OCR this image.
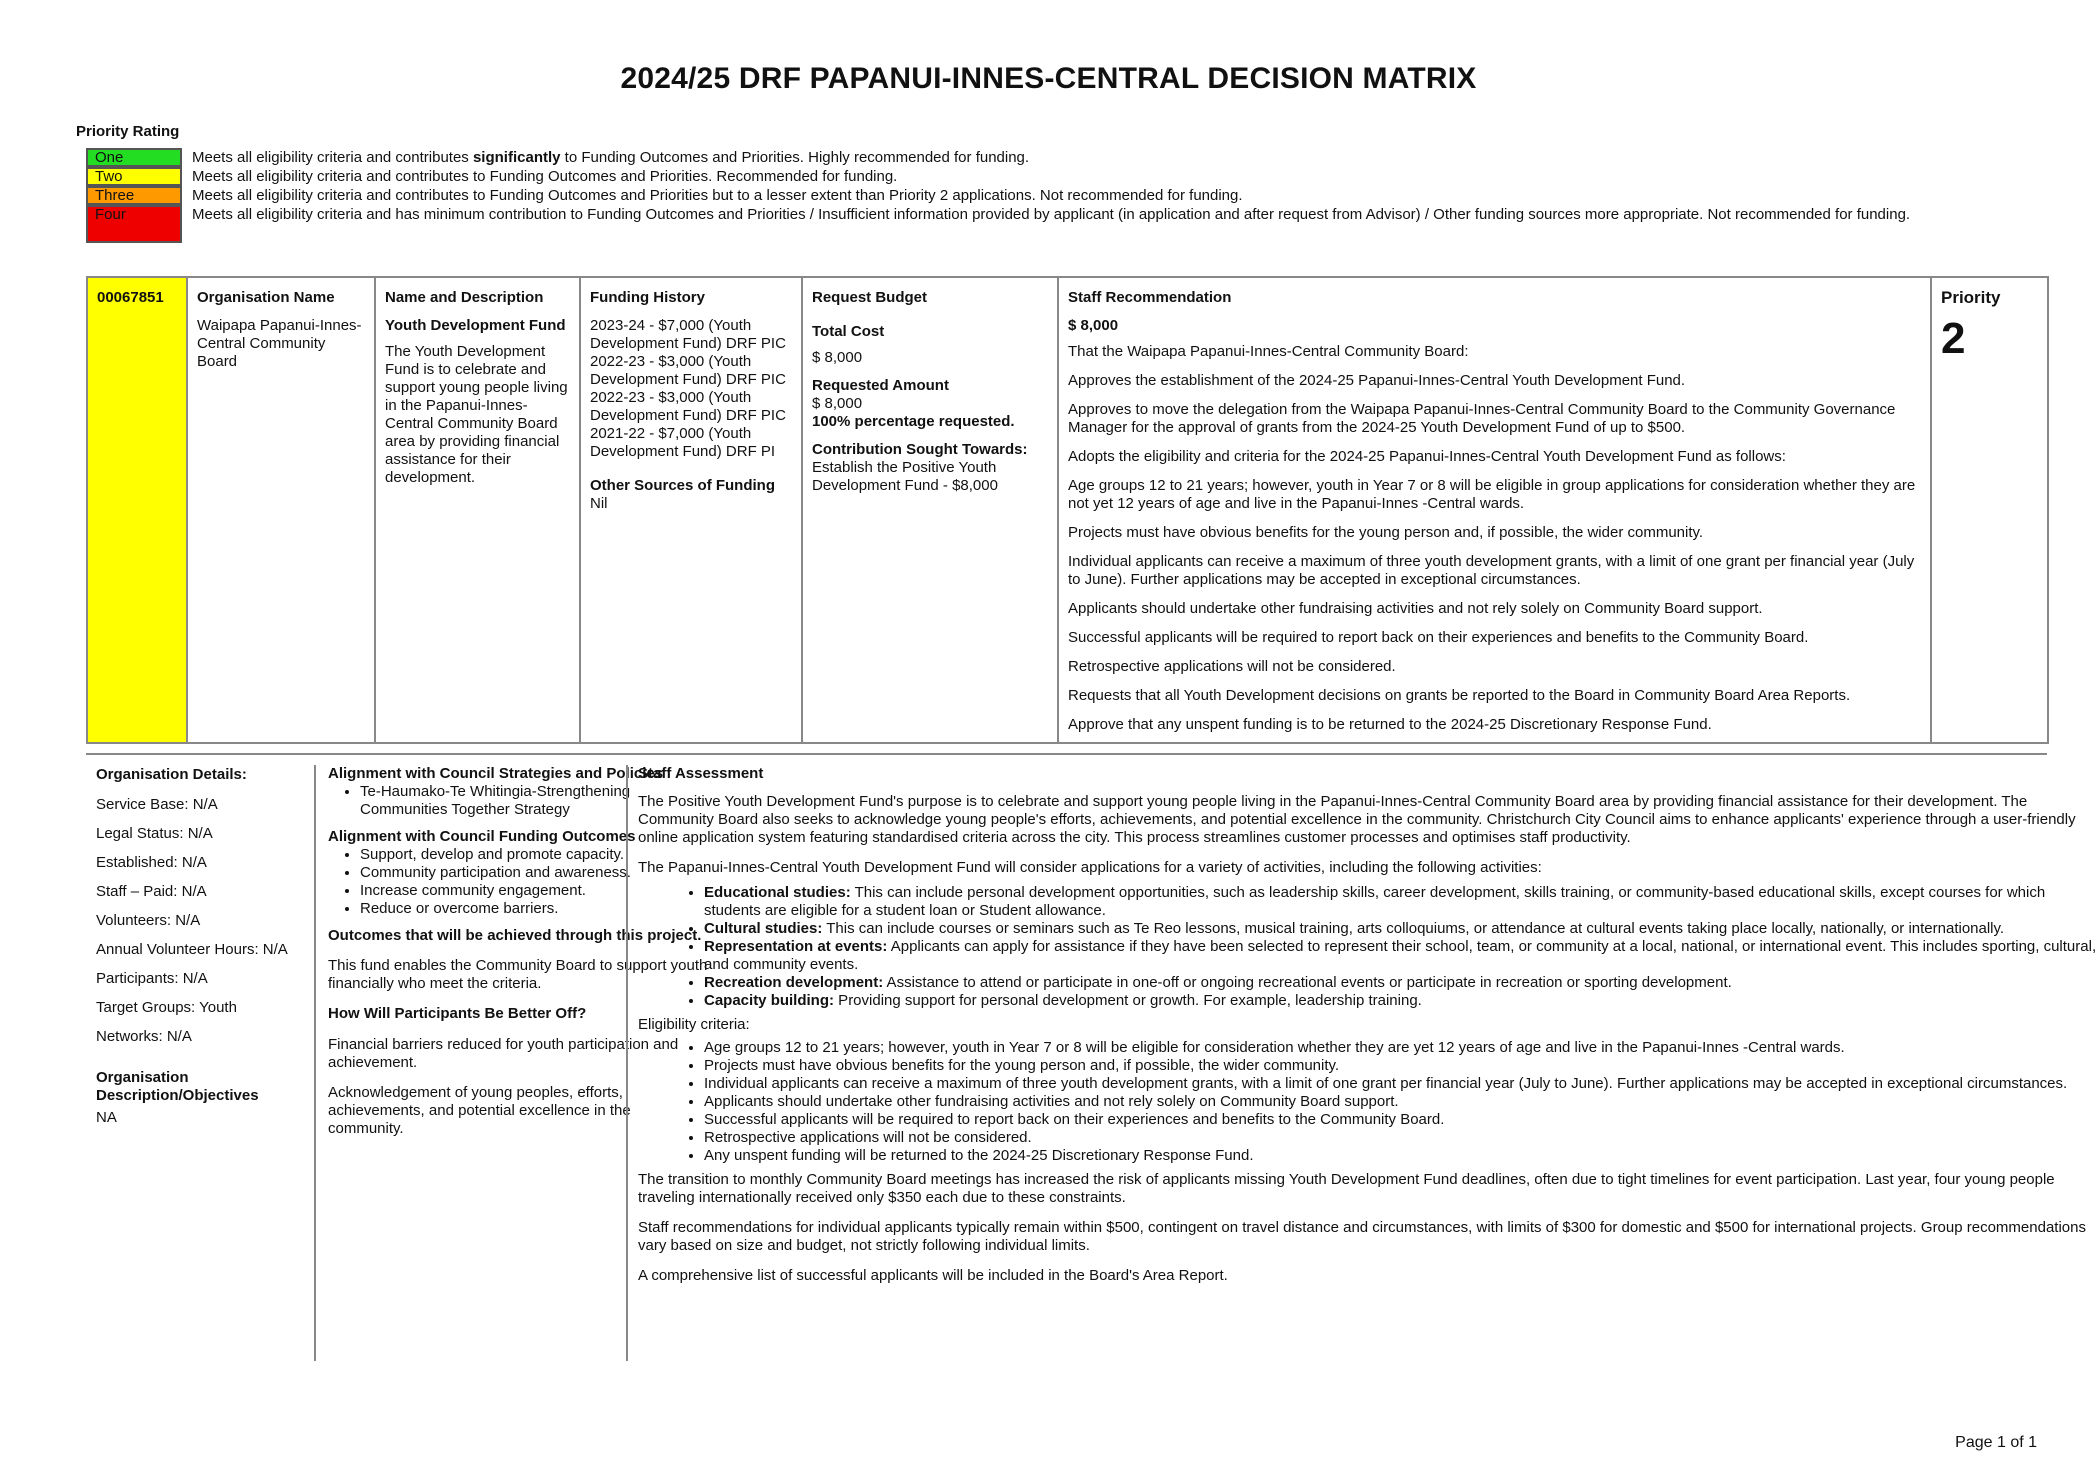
2024/25 DRF PAPANUI-INNES-CENTRAL DECISION MATRIX
Priority Rating
One	Meets all eligibility criteria and contributes significantly to Funding Outcomes and Priorities. Highly recommended for funding.
Two	Meets all eligibility criteria and contributes to Funding Outcomes and Priorities. Recommended for funding.
Three	Meets all eligibility criteria and contributes to Funding Outcomes and Priorities but to a lesser extent than Priority 2 applications. Not recommended for funding.
Four	Meets all eligibility criteria and has minimum contribution to Funding Outcomes and Priorities / Insufficient information provided by applicant (in application and after request from Advisor) / Other funding sources more appropriate. Not recommended for funding.
00067851	Organisation Name
Waipapa Papanui-Innes-Central Community Board

Name and Description
Youth Development Fund
The Youth Development Fund is to celebrate and support young people living in the Papanui-Innes-Central Community Board area by providing financial assistance for their development.

Funding History
2023-24 - $7,000 (Youth Development Fund) DRF PIC
2022-23 - $3,000 (Youth Development Fund) DRF PIC
2022-23 - $3,000 (Youth Development Fund) DRF PIC
2021-22 - $7,000 (Youth Development Fund) DRF PI
Other Sources of Funding
Nil

Request Budget
Total Cost
$ 8,000
Requested Amount
$ 8,000
100% percentage requested.
Contribution Sought Towards:
Establish the Positive Youth Development Fund - $8,000

Staff Recommendation
$ 8,000

That the Waipapa Papanui-Innes-Central Community Board:

Approves the establishment of the 2024-25 Papanui-Innes-Central Youth Development Fund.

Approves to move the delegation from the Waipapa Papanui-Innes-Central Community Board to the Community Governance Manager for the approval of grants from the 2024-25 Youth Development Fund of up to $500.

Adopts the eligibility and criteria for the 2024-25 Papanui-Innes-Central Youth Development Fund as follows:

Age groups 12 to 21 years; however, youth in Year 7 or 8 will be eligible in group applications for consideration whether they are not yet 12 years of age and live in the Papanui-Innes -Central wards.

Projects must have obvious benefits for the young person and, if possible, the wider community.

Individual applicants can receive a maximum of three youth development grants, with a limit of one grant per financial year (July to June). Further applications may be accepted in exceptional circumstances.

Applicants should undertake other fundraising activities and not rely solely on Community Board support.

Successful applicants will be required to report back on their experiences and benefits to the Community Board.

Retrospective applications will not be considered.

Requests that all Youth Development decisions on grants be reported to the Board in Community Board Area Reports.

Approve that any unspent funding is to be returned to the 2024-25 Discretionary Response Fund.

Priority
2

Organisation Details:

Service Base: N/A

Legal Status: N/A

Established: N/A

Staff – Paid: N/A

Volunteers: N/A

Annual Volunteer Hours: N/A

Participants: N/A

Target Groups: Youth

Networks: N/A

Organisation Description/Objectives

NA

Alignment with Council Strategies and Policies
• Te-Haumako-Te Whitingia-Strengthening Communities Together Strategy
Alignment with Council Funding Outcomes
• Support, develop and promote capacity.
• Community participation and awareness.
• Increase community engagement.
• Reduce or overcome barriers.
Outcomes that will be achieved through this project.
This fund enables the Community Board to support youth financially who meet the criteria.
How Will Participants Be Better Off?
Financial barriers reduced for youth participation and achievement.
Acknowledgement of young peoples, efforts, achievements, and potential excellence in the community.
Staff Assessment

The Positive Youth Development Fund's purpose is to celebrate and support young people living in the Papanui-Innes-Central Community Board area by providing financial assistance for their development. The Community Board also seeks to acknowledge young people's efforts, achievements, and potential excellence in the community. Christchurch City Council aims to enhance applicants' experience through a user-friendly online application system featuring standardised criteria across the city. This process streamlines customer processes and optimises staff productivity.

The Papanui-Innes-Central Youth Development Fund will consider applications for a variety of activities, including the following activities:

• Educational studies: This can include personal development opportunities, such as leadership skills, career development, skills training, or community-based educational skills, except courses for which students are eligible for a student loan or Student allowance.
• Cultural studies: This can include courses or seminars such as Te Reo lessons, musical training, arts colloquiums, or attendance at cultural events taking place locally, nationally, or internationally.
• Representation at events: Applicants can apply for assistance if they have been selected to represent their school, team, or community at a local, national, or international event. This includes sporting, cultural, and community events.
• Recreation development: Assistance to attend or participate in one-off or ongoing recreational events or participate in recreation or sporting development.
• Capacity building: Providing support for personal development or growth. For example, leadership training.
Eligibility criteria:
• Age groups 12 to 21 years; however, youth in Year 7 or 8 will be eligible for consideration whether they are yet 12 years of age and live in the Papanui-Innes -Central wards.
• Projects must have obvious benefits for the young person and, if possible, the wider community.
• Individual applicants can receive a maximum of three youth development grants, with a limit of one grant per financial year (July to June). Further applications may be accepted in exceptional circumstances.
• Applicants should undertake other fundraising activities and not rely solely on Community Board support.
• Successful applicants will be required to report back on their experiences and benefits to the Community Board.
• Retrospective applications will not be considered.
• Any unspent funding will be returned to the 2024-25 Discretionary Response Fund.

The transition to monthly Community Board meetings has increased the risk of applicants missing Youth Development Fund deadlines, often due to tight timelines for event participation. Last year, four young people traveling internationally received only $350 each due to these constraints.

Staff recommendations for individual applicants typically remain within $500, contingent on travel distance and circumstances, with limits of $300 for domestic and $500 for international projects. Group recommendations vary based on size and budget, not strictly following individual limits.

A comprehensive list of successful applicants will be included in the Board's Area Report.

Page 1 of 1
